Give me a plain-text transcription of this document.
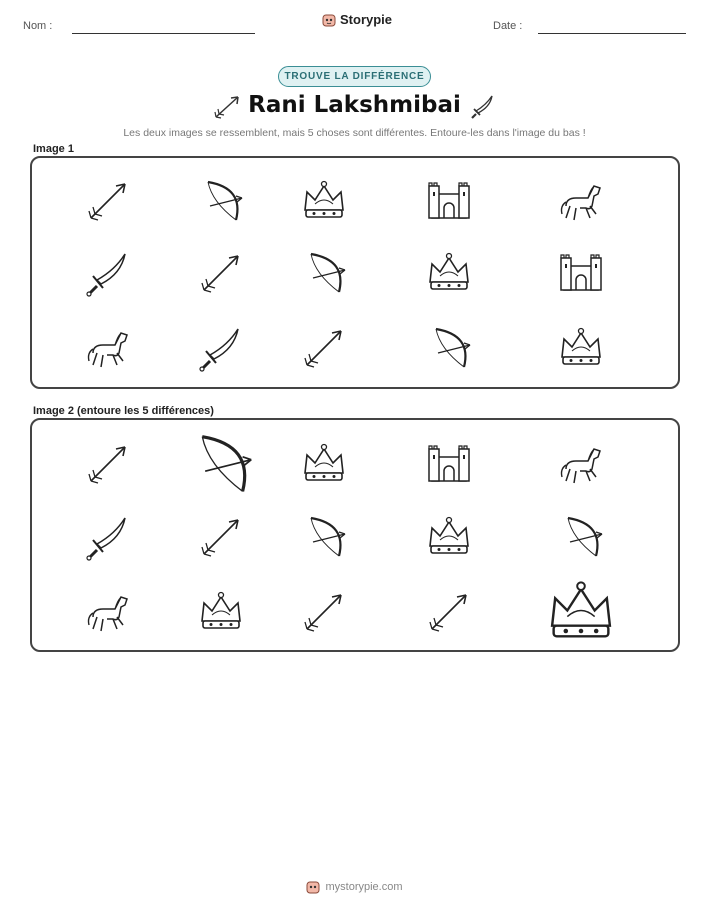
Nom :	Storypie	Date :
TROUVE LA DIFFÉRENCE
Rani Lakshmibai
Les deux images se ressemblent, mais 5 choses sont différentes. Entoure-les dans l'image du bas !
Image 1
Image 2 (entoure les 5 différences)
mystorypie.com
